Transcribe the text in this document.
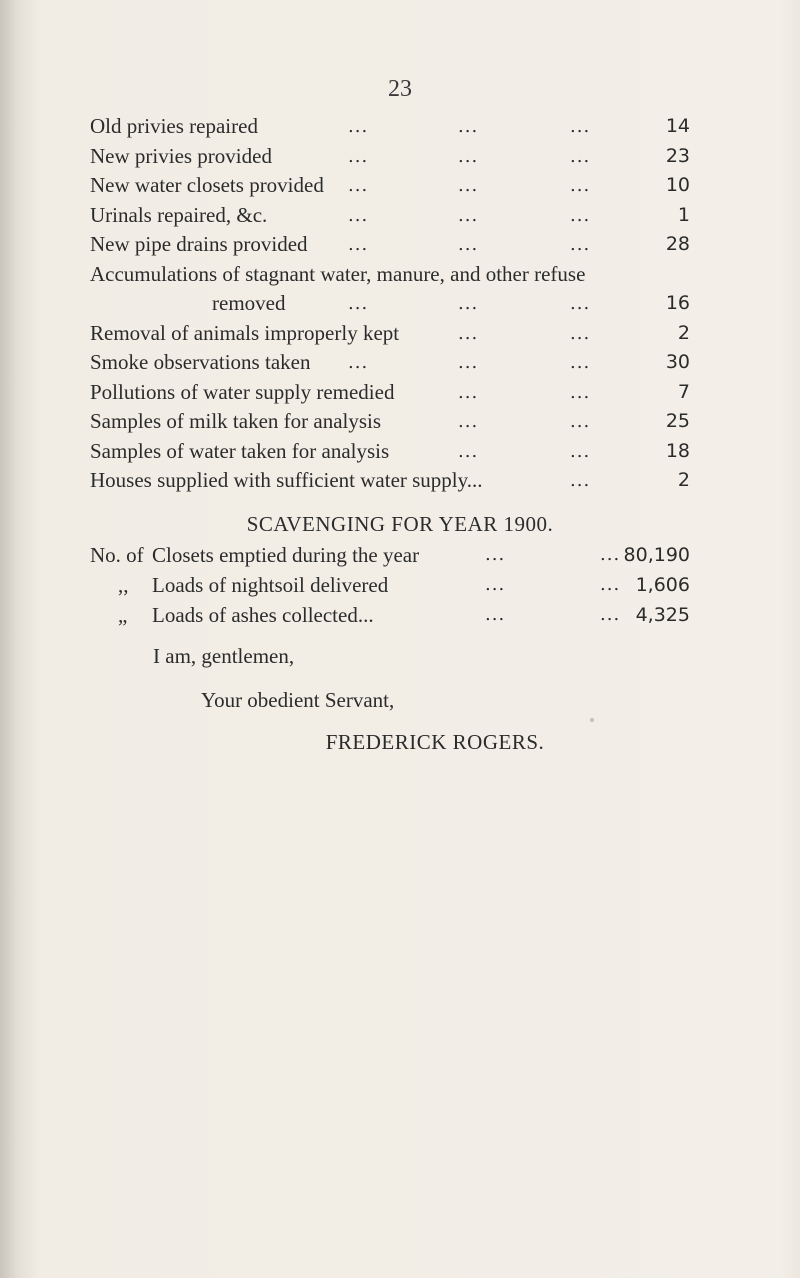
23
Old privies repaired	...	...	...	14
New privies provided	...	...	...	23
New water closets provided ...	...	...	10
Urinals repaired, &c.	...	...	...	1
New pipe drains provided ...	...	...	28
Accumulations of stagnant water, manure, and other refuse
removed	...	...	...	16
Removal of animals improperly kept	...	...	2
Smoke observations taken ...	...	...	30
Pollutions of water supply remedied	...	...	7
Samples of milk taken for analysis	...	...	25
Samples of water taken for analysis	...	...	18
Houses supplied with sufficient water supply...	...	2
SCAVENGING FOR YEAR 1900.
No. of Closets emptied during the year	...	... 80,190
,, Loads of nightsoil delivered	...	... 1,606
„ Loads of ashes collected...	...	... 4,325
I am, gentlemen,
Your obedient Servant,
FREDERICK ROGERS.
